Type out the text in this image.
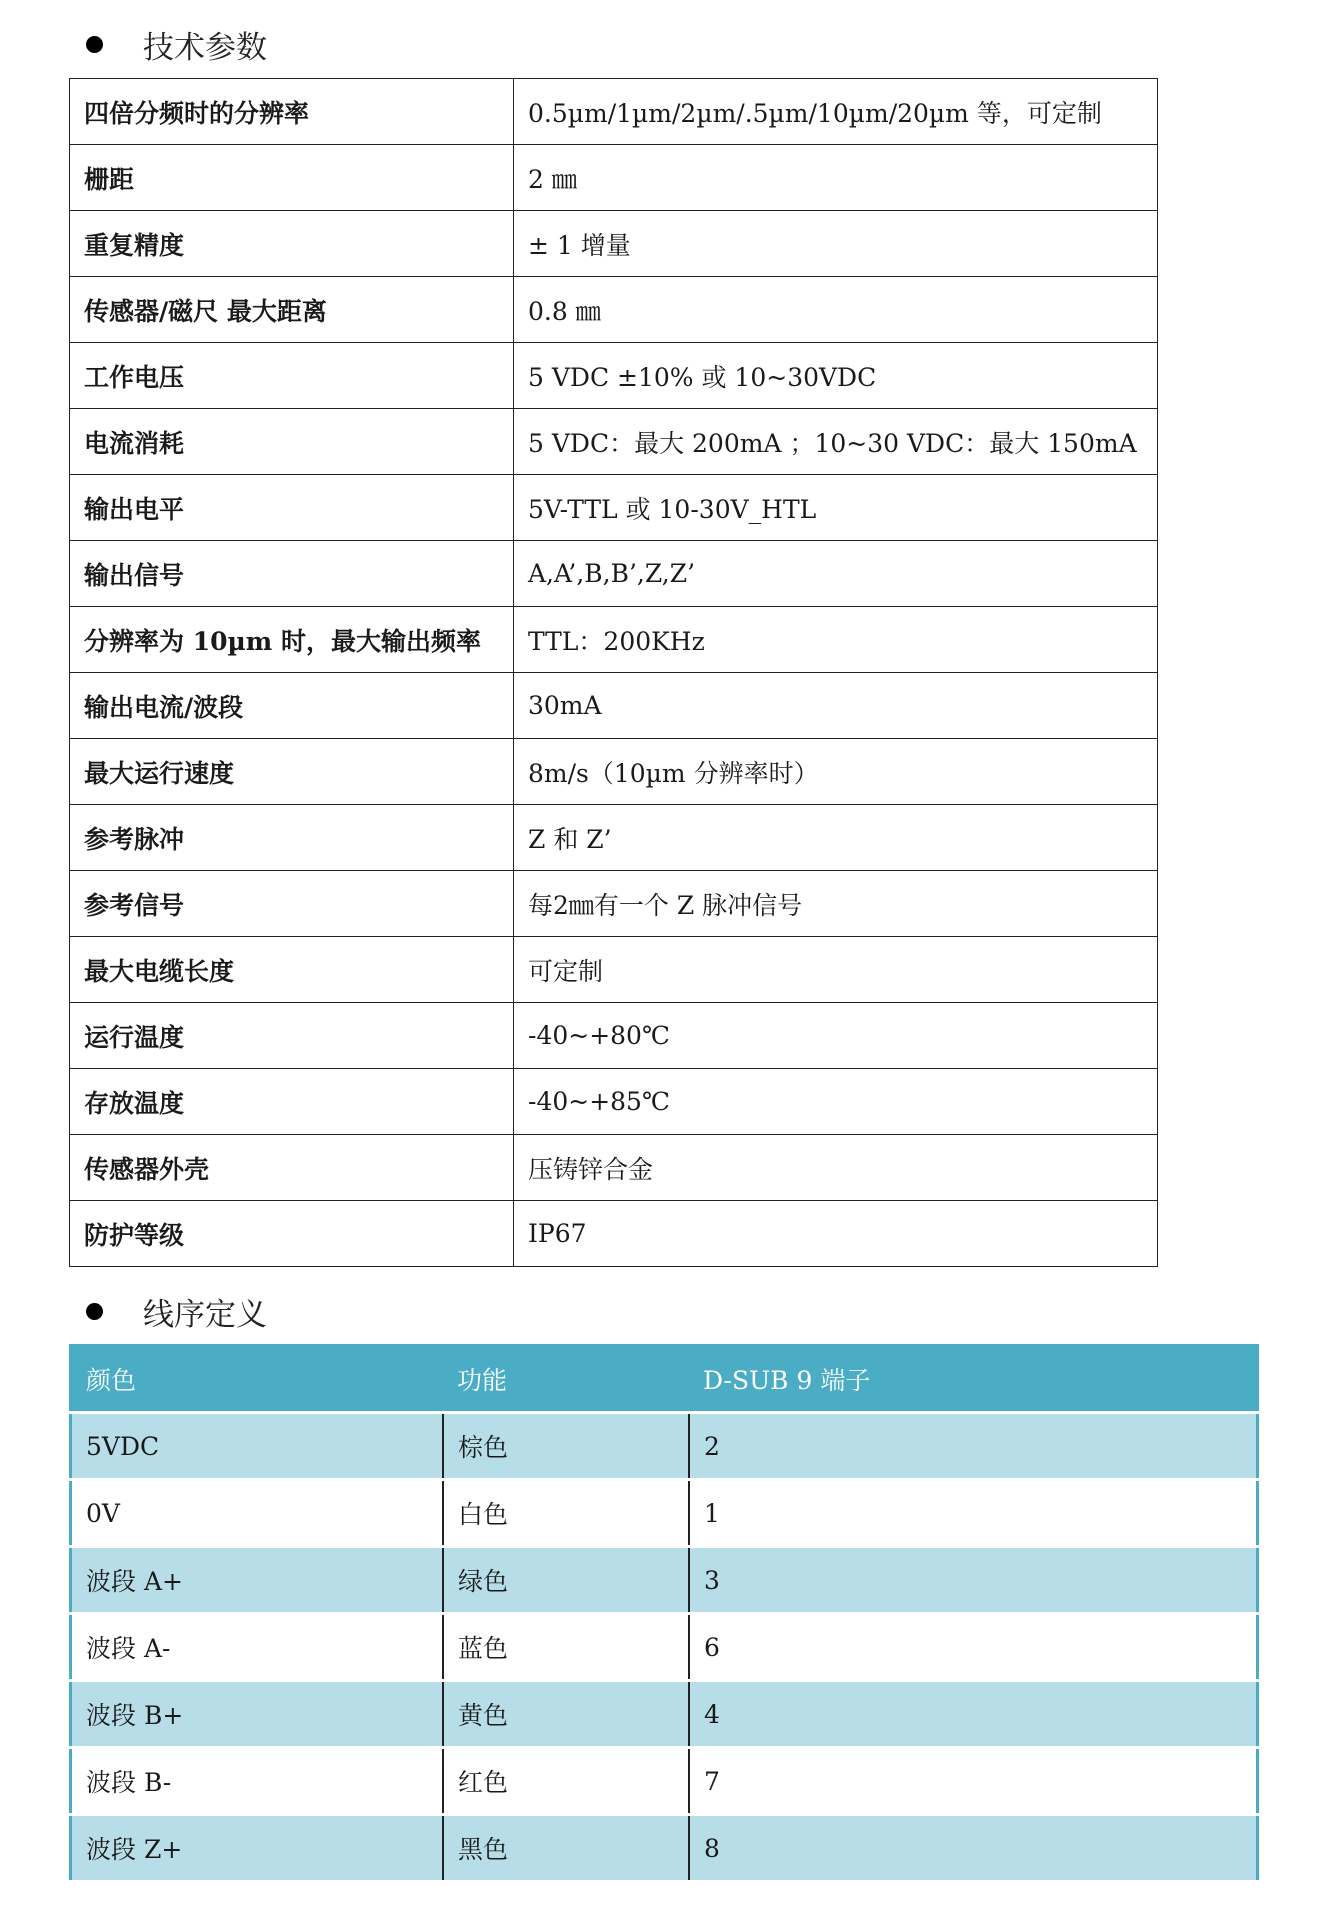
技术参数
四倍分频时的分辨率	0.5µm/1µm/2µm/.5µm/10µm/20µm 等，可定制
栅距	2 ㎜
重复精度	± 1 增量
传感器/磁尺 最大距离	0.8 ㎜
工作电压	5 VDC ±10% 或 10~30VDC
电流消耗	5 VDC：最大 200mA ；10~30 VDC：最大 150mA
输出电平	5V-TTL 或 10-30V_HTL
输出信号	A,A’,B,B’,Z,Z’
分辨率为 10µm 时，最大输出频率	TTL：200KHz
输出电流/波段	30mA
最大运行速度	8m/s（10µm 分辨率时）
参考脉冲	Z 和 Z’
参考信号	每2㎜有一个 Z 脉冲信号
最大电缆长度	可定制
运行温度	-40~+80℃
存放温度	-40~+85℃
传感器外壳	压铸锌合金
防护等级	IP67
线序定义
颜色	功能	D-SUB 9 端子
5VDC	棕色	2
0V	白色	1
波段 A+	绿色	3
波段 A-	蓝色	6
波段 B+	黄色	4
波段 B-	红色	7
波段 Z+	黑色	8
